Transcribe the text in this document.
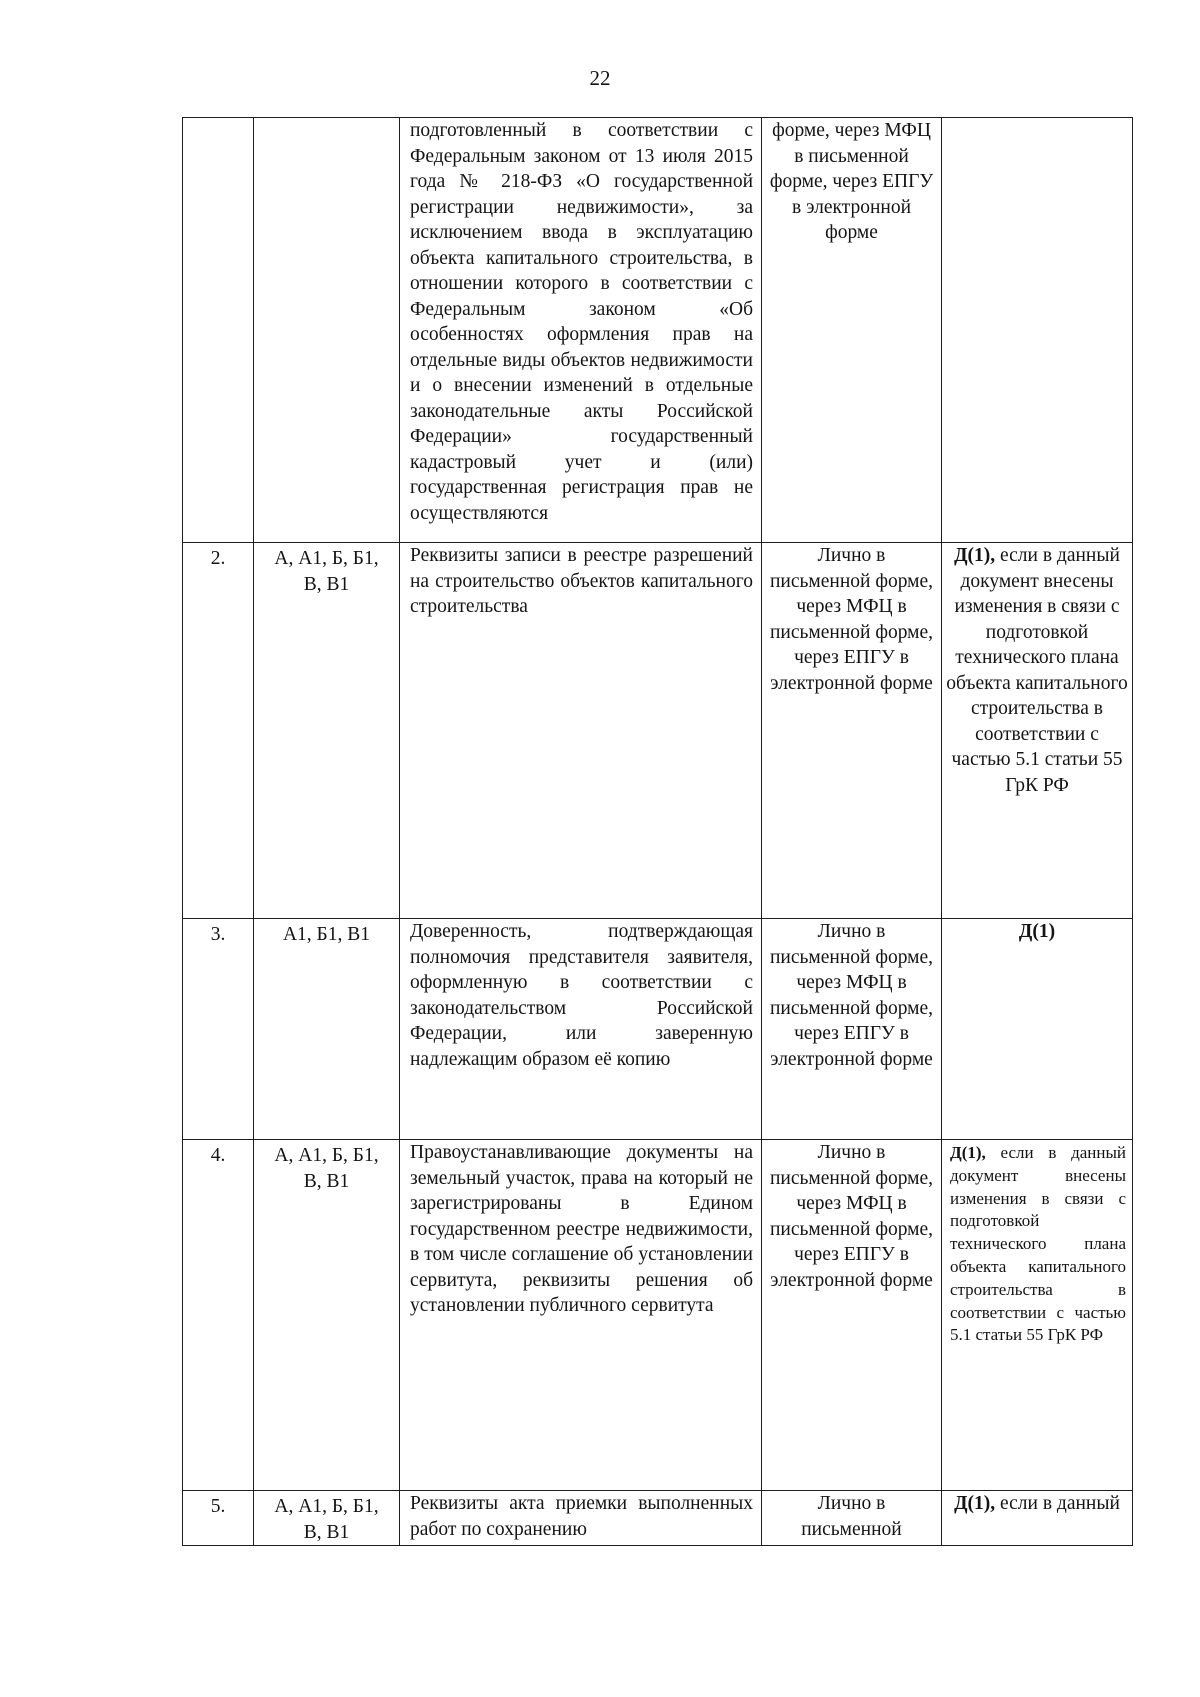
22

		подготовленный в соответствии с Федеральным законом от 13 июля 2015 года № 218-ФЗ «О государственной регистрации недвижимости», за исключением ввода в эксплуатацию объекта капитального строительства, в отношении которого в соответствии с Федеральным законом «Об особенностях оформления прав на отдельные виды объектов недвижимости и о внесении изменений в отдельные законодательные акты Российской Федерации» государственный кадастровый учет и (или) государственная регистрация прав не осуществляются	форме, через МФЦ в письменной форме, через ЕПГУ в электронной форме	

2.	А, А1, Б, Б1, В, В1	Реквизиты записи в реестре разрешений на строительство объектов капитального строительства	Лично в письменной форме, через МФЦ в письменной форме, через ЕПГУ в электронной форме	Д(1), если в данный документ внесены изменения в связи с подготовкой технического плана объекта капитального строительства в соответствии с частью 5.1 статьи 55 ГрК РФ
3.	А1, Б1, В1	Доверенность, подтверждающая полномочия представителя заявителя, оформленную в соответствии с законодательством Российской Федерации, или заверенную надлежащим образом её копию	Лично в письменной форме, через МФЦ в письменной форме, через ЕПГУ в электронной форме	Д(1)
4.	А, А1, Б, Б1, В, В1	Правоустанавливающие документы на земельный участок, права на который не зарегистрированы в Едином государственном реестре недвижимости, в том числе соглашение об установлении сервитута, реквизиты решения об установлении публичного сервитута	Лично в письменной форме, через МФЦ в письменной форме, через ЕПГУ в электронной форме	Д(1), если в данный документ внесены изменения в связи с подготовкой технического плана объекта капитального строительства в соответствии с частью 5.1 статьи 55 ГрК РФ
5.	А, А1, Б, Б1, В, В1	Реквизиты акта приемки выполненных работ по сохранению	Лично в письменной	Д(1), если в данный
